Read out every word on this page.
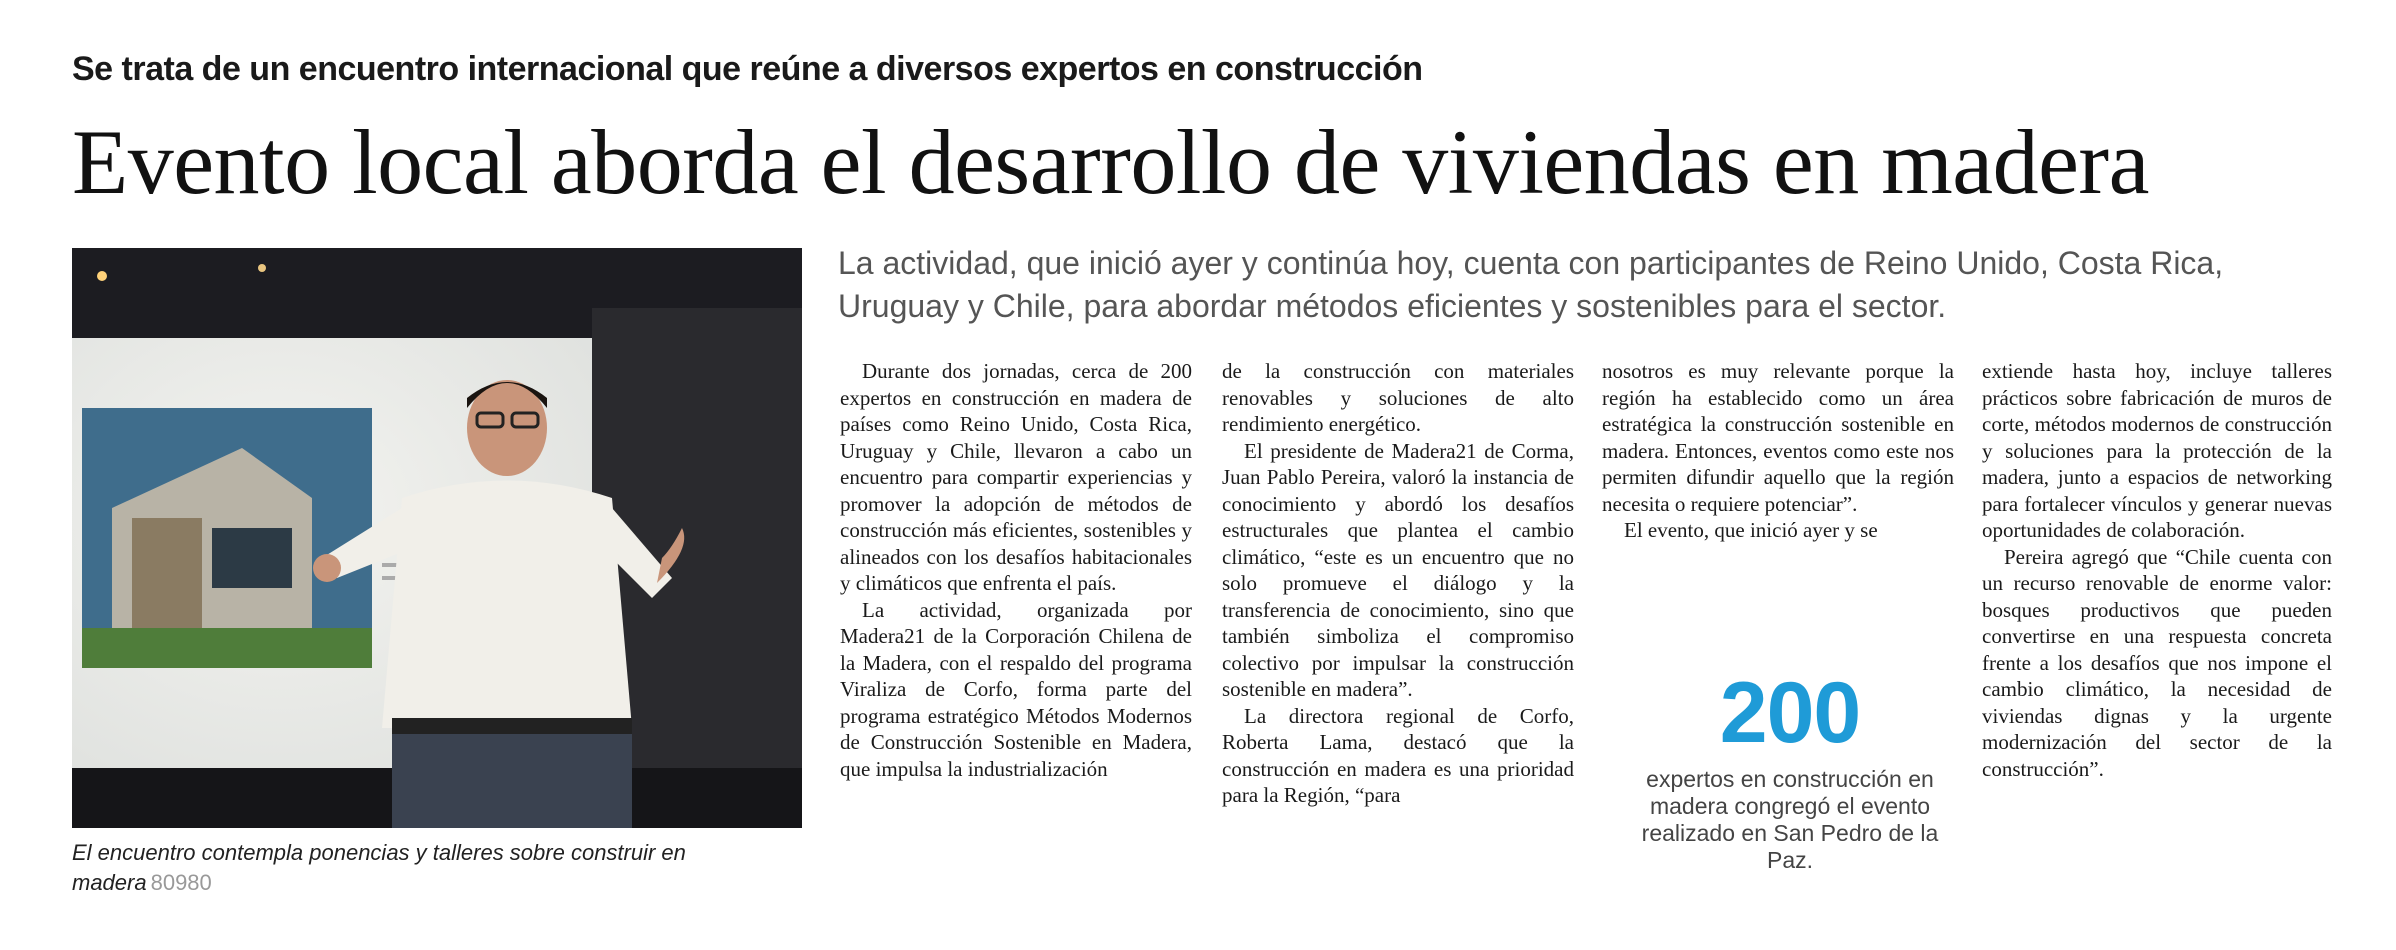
Se trata de un encuentro internacional que reúne a diversos expertos en construcción
Evento local aborda el desarrollo de viviendas en madera
El encuentro contempla ponencias y talleres sobre construir en madera 80980
La actividad, que inició ayer y continúa hoy, cuenta con participantes de Reino Unido, Costa Rica, Uruguay y Chile, para abordar métodos eficientes y sostenibles para el sector.

Durante dos jornadas, cerca de 200 expertos en construcción en madera de países como Reino Unido, Costa Rica, Uruguay y Chile, llevaron a cabo un encuentro para compartir experiencias y promover la adopción de métodos de construcción más eficientes, sostenibles y alineados con los desafíos habitacionales y climáticos que enfrenta el país.

La actividad, organizada por Madera21 de la Corporación Chilena de la Madera, con el respaldo del programa Viraliza de Corfo, forma parte del programa estratégico Métodos Modernos de Construcción Sostenible en Madera, que impulsa la industrialización

de la construcción con materiales renovables y soluciones de alto rendimiento energético.

El presidente de Madera21 de Corma, Juan Pablo Pereira, valoró la instancia de conocimiento y abordó los desafíos estructurales que plantea el cambio climático, “este es un encuentro que no solo promueve el diálogo y la transferencia de conocimiento, sino que también simboliza el compromiso colectivo por impulsar la construcción sostenible en madera”.

La directora regional de Corfo, Roberta Lama, destacó que la construcción en madera es una prioridad para la Región, “para

nosotros es muy relevante porque la región ha establecido como un área estratégica la construcción sostenible en madera. Entonces, eventos como este nos permiten difundir aquello que la región necesita o requiere potenciar”.

El evento, que inició ayer y se

extiende hasta hoy, incluye talleres prácticos sobre fabricación de muros de corte, métodos modernos de construcción y soluciones para la protección de la madera, junto a espacios de networking para fortalecer vínculos y generar nuevas oportunidades de colaboración.

Pereira agregó que “Chile cuenta con un recurso renovable de enorme valor: bosques productivos que pueden convertirse en una respuesta concreta frente a los desafíos que nos impone el cambio climático, la necesidad de viviendas dignas y la urgente modernización del sector de la construcción”.

200
expertos en construcción en madera congregó el evento realizado en San Pedro de la Paz.
